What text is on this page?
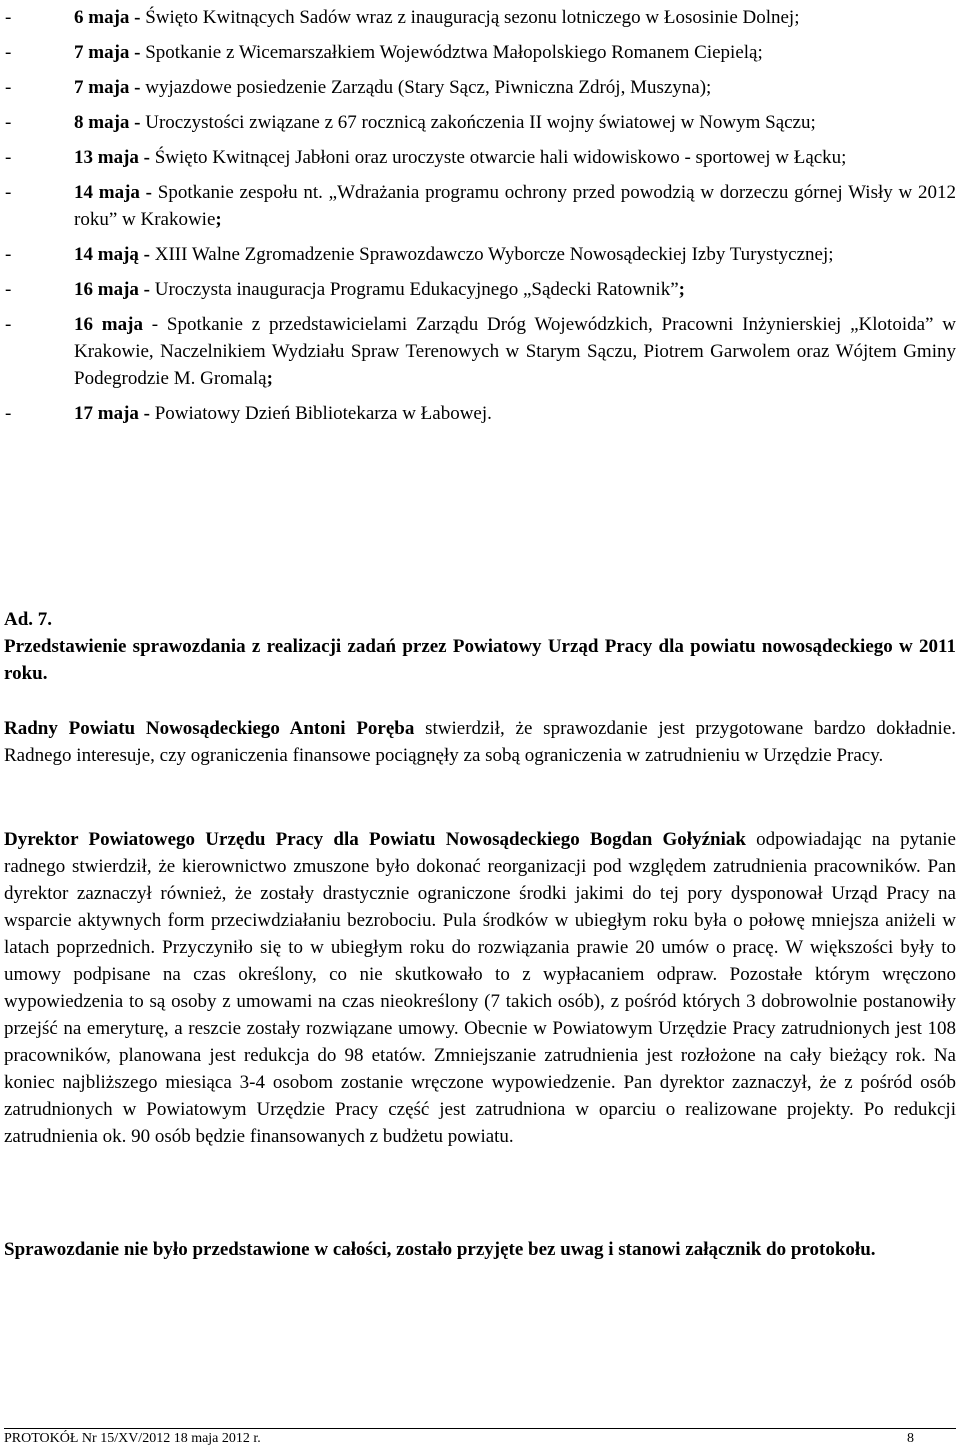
-	6 maja - Święto Kwitnących Sadów wraz z inauguracją sezonu lotniczego w Łososinie Dolnej;
-	7 maja - Spotkanie z Wicemarszałkiem Województwa Małopolskiego Romanem Ciepielą;
-	7 maja - wyjazdowe posiedzenie Zarządu (Stary Sącz, Piwniczna Zdrój, Muszyna);
-	8 maja - Uroczystości związane z 67 rocznicą zakończenia II wojny światowej w Nowym Sączu;
-	13 maja - Święto Kwitnącej Jabłoni oraz uroczyste otwarcie hali widowiskowo - sportowej w Łącku;
-	14 maja - Spotkanie zespołu nt. „Wdrażania programu ochrony przed powodzią w dorzeczu górnej Wisły w 2012 roku” w Krakowie;
-	14 mają - XIII Walne Zgromadzenie Sprawozdawczo Wyborcze Nowosądeckiej Izby Turystycznej;
-	16 maja - Uroczysta inauguracja Programu Edukacyjnego „Sądecki Ratownik”;
-	16 maja - Spotkanie z przedstawicielami Zarządu Dróg Wojewódzkich, Pracowni Inżynierskiej „Klotoida” w Krakowie, Naczelnikiem Wydziału Spraw Terenowych w Starym Sączu, Piotrem Garwolem oraz Wójtem Gminy Podegrodzie M. Gromalą;
-	17 maja - Powiatowy Dzień Bibliotekarza w Łabowej.
Ad. 7.
Przedstawienie sprawozdania z realizacji zadań przez Powiatowy Urząd Pracy dla powiatu nowosądeckiego w 2011 roku.

Radny Powiatu Nowosądeckiego Antoni Poręba stwierdził, że sprawozdanie jest przygotowane bardzo dokładnie. Radnego interesuje, czy ograniczenia finansowe pociągnęły za sobą ograniczenia w zatrudnieniu w Urzędzie Pracy.

Dyrektor Powiatowego Urzędu Pracy dla Powiatu Nowosądeckiego Bogdan Gołyźniak odpowiadając na pytanie radnego stwierdził, że kierownictwo zmuszone było dokonać reorganizacji pod względem zatrudnienia pracowników. Pan dyrektor zaznaczył również, że zostały drastycznie ograniczone środki jakimi do tej pory dysponował Urząd Pracy na wsparcie aktywnych form przeciwdziałaniu bezrobociu. Pula środków w ubiegłym roku była o połowę mniejsza aniżeli w latach poprzednich. Przyczyniło się to w ubiegłym roku do rozwiązania prawie 20 umów o pracę. W większości były to umowy podpisane na czas określony, co nie skutkowało to z wypłacaniem odpraw. Pozostałe którym wręczono wypowiedzenia to są osoby z umowami na czas nieokreślony (7 takich osób), z pośród których 3 dobrowolnie postanowiły przejść na emeryturę, a reszcie zostały rozwiązane umowy. Obecnie w Powiatowym Urzędzie Pracy zatrudnionych jest 108 pracowników, planowana jest redukcja do 98 etatów. Zmniejszanie zatrudnienia jest rozłożone na cały bieżący rok. Na koniec najbliższego miesiąca 3-4 osobom zostanie wręczone wypowiedzenie. Pan dyrektor zaznaczył, że z pośród osób zatrudnionych w Powiatowym Urzędzie Pracy część jest zatrudniona w oparciu o realizowane projekty. Po redukcji zatrudnienia ok. 90 osób będzie finansowanych z budżetu powiatu.

Sprawozdanie nie było przedstawione w całości, zostało przyjęte bez uwag i stanowi załącznik do protokołu.
PROTOKÓŁ Nr 15/XV/2012 18 maja 2012 r.	8
